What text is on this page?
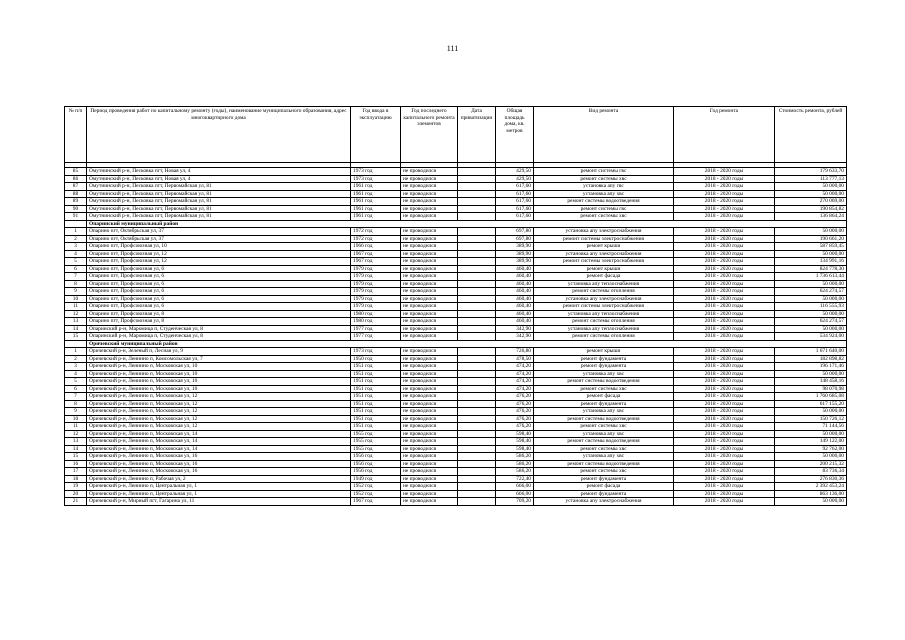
111
№ п/п	Период проведения работ по капитальному ремонту (годы), наименование муниципального образования, адрес многоквартирного дома	Год ввода в эксплуатацию	Год последнего капитального ремонта элементов	Дата приватизации	Общая площадь дома, кв. метров	Вид ремонта	Год ремонта	Стоимость ремонта, рублей

85	Омутнинский р-н, Песковка пгт, Новая ул, 4	1973 год	не проводился		429,50	ремонт системы гвс	2018 - 2020 годы	179 633,70
86	Омутнинский р-н, Песковка пгт, Новая ул, 4	1973 год	не проводился		429,50	ремонт системы хвс	2018 - 2020 годы	113 777,13
87	Омутнинский р-н, Песковка пгт, Первомайская ул, 81	1961 год	не проводился		617,60	установка апу гвс	2018 - 2020 годы	50 000,00
88	Омутнинский р-н, Песковка пгт, Первомайская ул, 81	1961 год	не проводился		617,60	установка апу хвс	2018 - 2020 годы	50 000,00
89	Омутнинский р-н, Песковка пгт, Первомайская ул, 81	1961 год	не проводился		617,60	ремонт системы водоотведения	2018 - 2020 годы	270 069,00
90	Омутнинский р-н, Песковка пгт, Первомайская ул, 81	1961 год	не проводился		617,60	ремонт системы гвс	2018 - 2020 годы	190 854,82
91	Омутнинский р-н, Песковка пгт, Первомайская ул, 81	1961 год	не проводился		617,60	ремонт системы хвс	2018 - 2020 годы	136 864,24
	Опаринский муниципальный район							
1	Опарино пгт, Октябрьская ул, 37	1972 год	не проводился		697,80	установка апу электроснабжения	2018 - 2020 годы	50 000,00
2	Опарино пгт, Октябрьская ул, 37	1972 год	не проводился		697,80	ремонт системы электроснабжения	2018 - 2020 годы	190 661,20
3	Опарино пгт, Профсоюзная ул, 10	1966 год	не проводился		389,90	ремонт крыши	2018 - 2020 годы	587 859,45
4	Опарино пгт, Профсоюзная ул, 12	1967 год	не проводился		389,90	установка апу электроснабжения	2018 - 2020 годы	50 000,00
5	Опарино пгт, Профсоюзная ул, 12	1967 год	не проводился		389,90	ремонт системы электроснабжения	2018 - 2020 годы	134 991,16
6	Опарино пгт, Профсоюзная ул, 6	1979 год	не проводился		460,40	ремонт крыши	2018 - 2020 годы	824 778,30
7	Опарино пгт, Профсоюзная ул, 6	1979 год	не проводился		460,40	ремонт фасада	2018 - 2020 годы	1 736 613,44
8	Опарино пгт, Профсоюзная ул, 6	1979 год	не проводился		460,40	установка апу теплоснабжения	2018 - 2020 годы	50 000,00
9	Опарино пгт, Профсоюзная ул, 6	1979 год	не проводился		460,40	ремонт системы отопления	2018 - 2020 годы	624 274,57
10	Опарино пгт, Профсоюзная ул, 6	1979 год	не проводился		460,40	установка апу электроснабжения	2018 - 2020 годы	50 000,00
11	Опарино пгт, Профсоюзная ул, 6	1979 год	не проводился		460,40	ремонт системы электроснабжения	2018 - 2020 годы	116 555,93
12	Опарино пгт, Профсоюзная ул, 8	1980 год	не проводился		460,40	установка апу теплоснабжения	2018 - 2020 годы	50 000,00
13	Опарино пгт, Профсоюзная ул, 8	1980 год	не проводился		460,40	ремонт системы отопления	2018 - 2020 годы	624 274,57
14	Опаринский р-н, Маромица п, Студенческая ул, 8	1977 год	не проводился		342,90	установка апу теплоснабжения	2018 - 2020 годы	50 000,00
15	Опаринский р-н, Маромица п, Студенческая ул, 8	1977 год	не проводился		342,90	ремонт системы отопления	2018 - 2020 годы	534 924,00
	Оричевский муниципальный район							
1	Оричевский р-н, Зеленый п, Лесная ул, 9	1973 год	не проводился		726,80	ремонт крыши	2018 - 2020 годы	1 671 640,00
2	Оричевский р-н, Ленинно п, Комсомольская ул, 7	1950 год	не проводился		478,50	ремонт фундамента	2018 - 2020 годы	182 898,82
3	Оричевский р-н, Ленинно п, Московская ул, 10	1951 год	не проводился		474,20	ремонт фундамента	2018 - 2020 годы	196 171,46
4	Оричевский р-н, Ленинно п, Московская ул, 10	1951 год	не проводился		474,20	установка апу хвс	2018 - 2020 годы	50 000,00
5	Оричевский р-н, Ленинно п, Московская ул, 10	1951 год	не проводился		474,20	ремонт системы водоотведения	2018 - 2020 годы	148 458,16
6	Оричевский р-н, Ленинно п, Московская ул, 10	1951 год	не проводился		474,20	ремонт системы хвс	2018 - 2020 годы	98 070,98
7	Оричевский р-н, Ленинно п, Московская ул, 12	1951 год	не проводился		476,20	ремонт фасада	2018 - 2020 годы	1 760 685,08
8	Оричевский р-н, Ленинно п, Московская ул, 12	1951 год	не проводился		476,20	ремонт фундамента	2018 - 2020 годы	617 155,20
9	Оричевский р-н, Ленинно п, Московская ул, 12	1951 год	не проводился		476,20	установка апу хвс	2018 - 2020 годы	50 000,00
10	Оричевский р-н, Ленинно п, Московская ул, 12	1951 год	не проводился		476,20	ремонт системы водоотведения	2018 - 2020 годы	150 726,12
11	Оричевский р-н, Ленинно п, Московская ул, 12	1951 год	не проводился		476,20	ремонт системы хвс	2018 - 2020 годы	71 144,56
12	Оричевский р-н, Ленинно п, Московская ул, 14	1955 год	не проводился		598,40	установка апу хвс	2018 - 2020 годы	50 000,00
13	Оричевский р-н, Ленинно п, Московская ул, 14	1955 год	не проводился		598,40	ремонт системы водоотведения	2018 - 2020 годы	149 122,00
14	Оричевский р-н, Ленинно п, Московская ул, 14	1955 год	не проводился		598,40	ремонт системы хвс	2018 - 2020 годы	92 762,00
15	Оричевский р-н, Ленинно п, Московская ул, 16	1956 год	не проводился		586,20	установка апу хвс	2018 - 2020 годы	50 000,00
16	Оричевский р-н, Ленинно п, Московская ул, 16	1956 год	не проводился		586,20	ремонт системы водоотведения	2018 - 2020 годы	200 215,32
17	Оричевский р-н, Ленинно п, Московская ул, 16	1956 год	не проводился		586,20	ремонт системы хвс	2018 - 2020 годы	83 736,34
18	Оричевский р-н, Ленинно п, Рабочая ул, 2	1949 год	не проводился		722,40	ремонт фундамента	2018 - 2020 годы	276 830,36
19	Оричевский р-н, Ленинно п, Центральная ул, 1	1952 год	не проводился		666,00	ремонт фасада	2018 - 2020 годы	2 392 453,24
20	Оричевский р-н, Ленинно п, Центральная ул, 1	1952 год	не проводился		666,00	ремонт фундамента	2018 - 2020 годы	863 136,00
21	Оричевский р-н, Мирный пгт, Гагарина ул, 11	1967 год	не проводился		709,20	установка апу электроснабжения	2018 - 2020 годы	50 000,00
